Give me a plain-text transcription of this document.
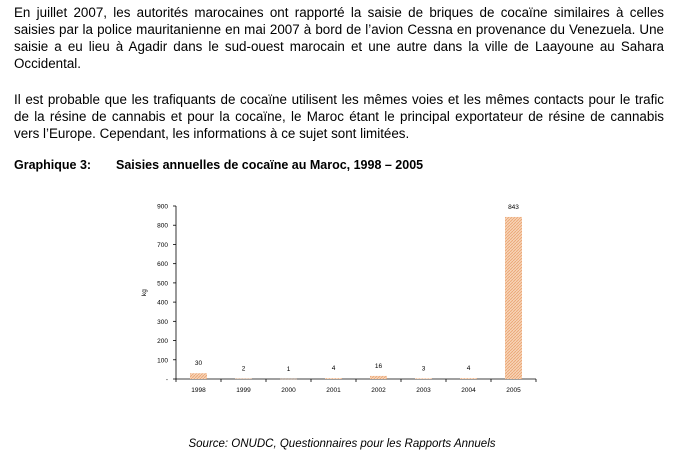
En juillet 2007, les autorités marocaines ont rapporté la saisie de briques de cocaïne similaires à celles saisies par la police mauritanienne en mai 2007 à bord de l’avion Cessna en provenance du Venezuela. Une saisie a eu lieu à Agadir dans le sud-ouest marocain et une autre dans la ville de Laayoune au Sahara Occidental.

Il est probable que les trafiquants de cocaïne utilisent les mêmes voies et les mêmes contacts pour le trafic de la résine de cannabis et pour la cocaïne, le Maroc étant le principal exportateur de résine de cannabis vers l’Europe. Cependant, les informations à ce sujet sont limitées.

Graphique 3: Saisies annuelles de cocaïne au Maroc, 1998 – 2005
-
100
200
300
400
500
600
700
800
900
kg
30
1998
2
1999
1
2000
4
2001
16
2002
3
2003
4
2004
843
2005
Source: ONUDC, Questionnaires pour les Rapports Annuels
